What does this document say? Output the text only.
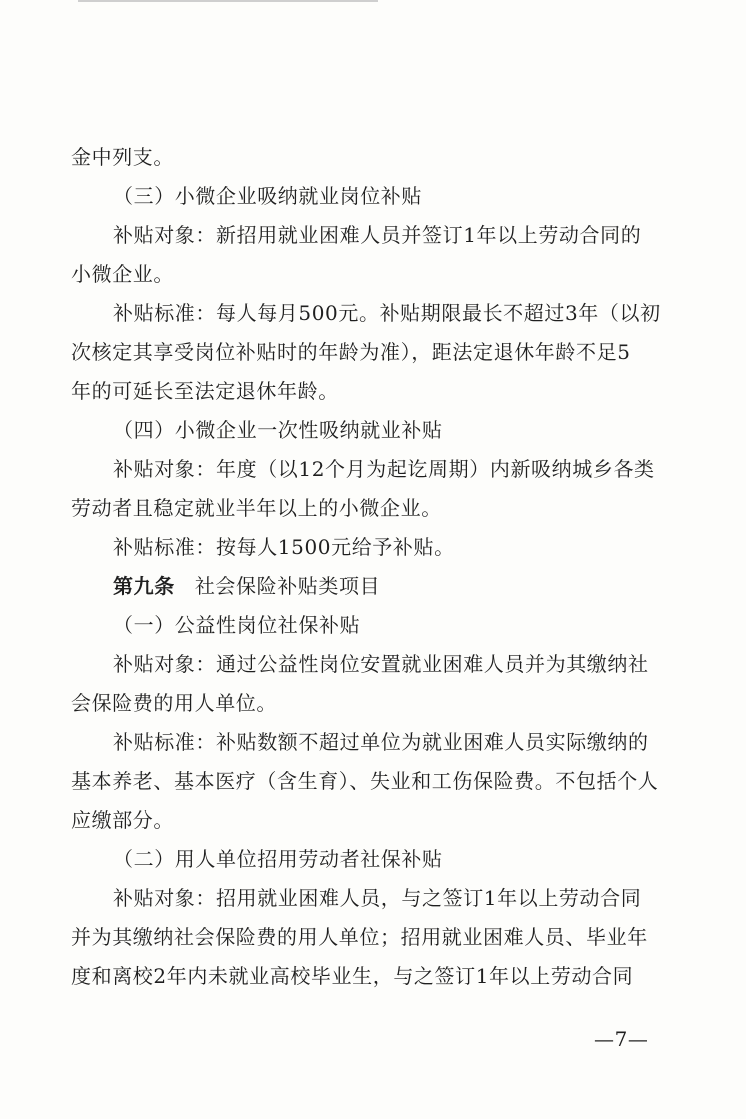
金中列支。
（三）小微企业吸纳就业岗位补贴
补贴对象：新招用就业困难人员并签订1年以上劳动合同的
小微企业。
补贴标准：每人每月500元。补贴期限最长不超过3年（以初
次核定其享受岗位补贴时的年龄为准），距法定退休年龄不足5
年的可延长至法定退休年龄。
（四）小微企业一次性吸纳就业补贴
补贴对象：年度（以12个月为起讫周期）内新吸纳城乡各类
劳动者且稳定就业半年以上的小微企业。
补贴标准：按每人1500元给予补贴。
第九条 社会保险补贴类项目
（一）公益性岗位社保补贴
补贴对象：通过公益性岗位安置就业困难人员并为其缴纳社
会保险费的用人单位。
补贴标准：补贴数额不超过单位为就业困难人员实际缴纳的
基本养老、基本医疗（含生育）、失业和工伤保险费。不包括个人
应缴部分。
（二）用人单位招用劳动者社保补贴
补贴对象：招用就业困难人员，与之签订1年以上劳动合同
并为其缴纳社会保险费的用人单位；招用就业困难人员、毕业年
度和离校2年内未就业高校毕业生，与之签订1年以上劳动合同
—7—
